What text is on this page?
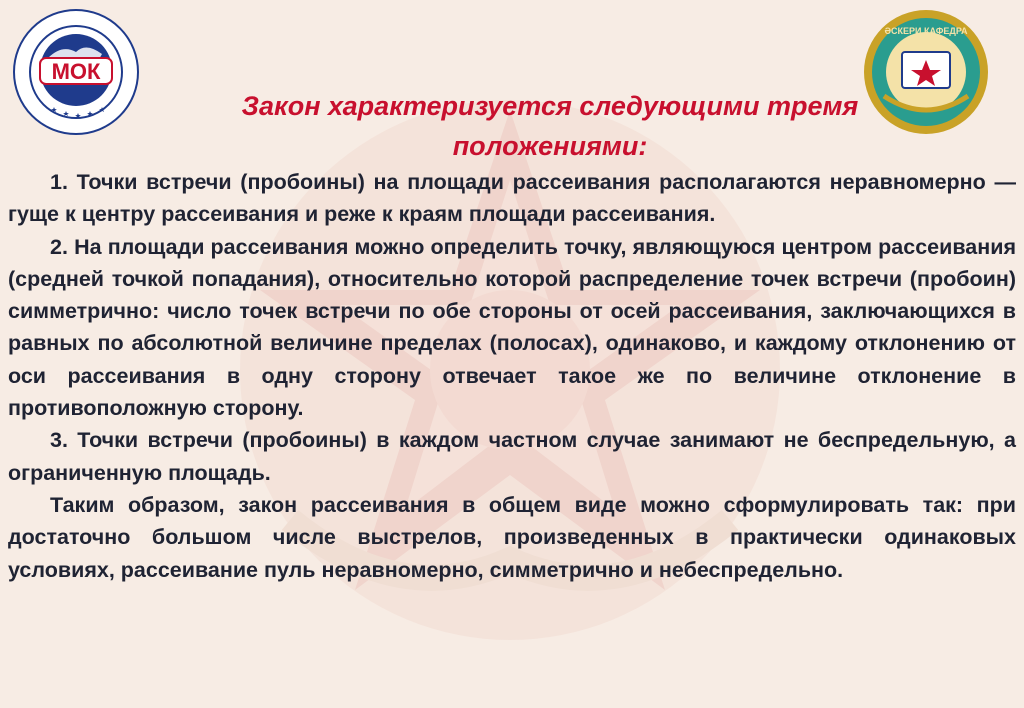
МОК
ӘСКЕРИ КАФЕДРА
Закон характеризуется следующими тремя
положениями:

1. Точки встречи (пробоины) на площади рассеивания располагаются неравномерно — гуще к центру рассеивания и реже к краям площади рассеивания.

2. На площади рассеивания можно определить точку, являющуюся центром рассеивания (средней точкой попадания), относительно которой распределение точек встречи (пробоин) симметрично: число точек встречи по обе стороны от осей рассеивания, заключающихся в равных по абсолютной величине пределах (полосах), одинаково, и каждому отклонению от оси рассеивания в одну сторону отвечает такое же по величине отклонение в противоположную сторону.

3. Точки встречи (пробоины) в каждом частном случае занимают не беспредельную, а ограниченную площадь.

Таким образом, закон рассеивания в общем виде можно сформулировать так: при достаточно большом числе выстрелов, произведенных в практически одинаковых условиях, рассеивание пуль неравномерно, симметрично и небеспредельно.
